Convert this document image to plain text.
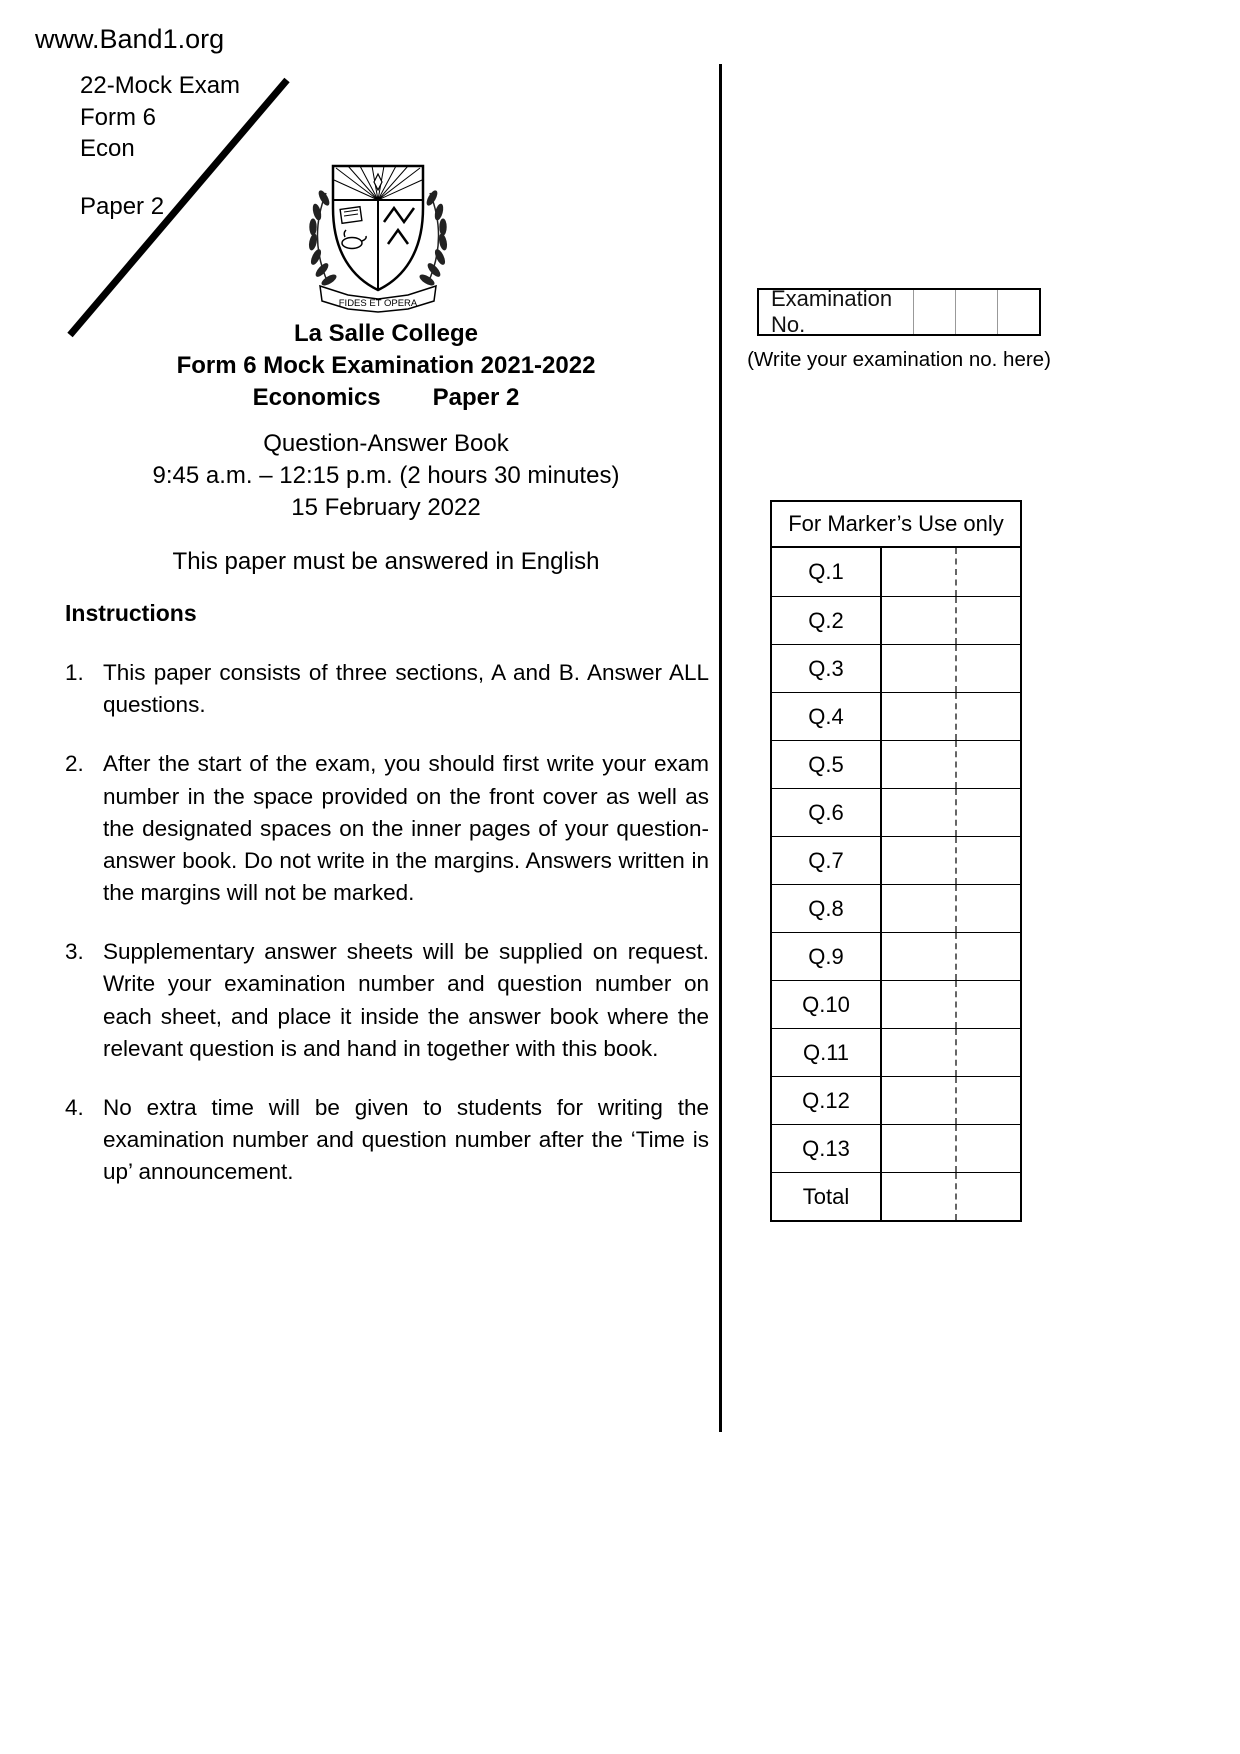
www.Band1.org
22-Mock Exam
Form 6
Econ
Paper 2
FIDES ET OPERA
La Salle College
Form 6 Mock Examination 2021-2022
Economics Paper 2
Question-Answer Book
9:45 a.m. – 12:15 p.m. (2 hours 30 minutes)
15 February 2022
This paper must be answered in English
Instructions
1. This paper consists of three sections, A and B. Answer ALL questions.
2. After the start of the exam, you should first write your exam number in the space provided on the front cover as well as the designated spaces on the inner pages of your question-answer book. Do not write in the margins. Answers written in the margins will not be marked.
3. Supplementary answer sheets will be supplied on request. Write your examination number and question number on each sheet, and place it inside the answer book where the relevant question is and hand in together with this book.
4. No extra time will be given to students for writing the examination number and question number after the ‘Time is up’ announcement.
Examination No.
(Write your examination no. here)
For Marker’s Use only
Q.1
Q.2
Q.3
Q.4
Q.5
Q.6
Q.7
Q.8
Q.9
Q.10
Q.11
Q.12
Q.13
Total
